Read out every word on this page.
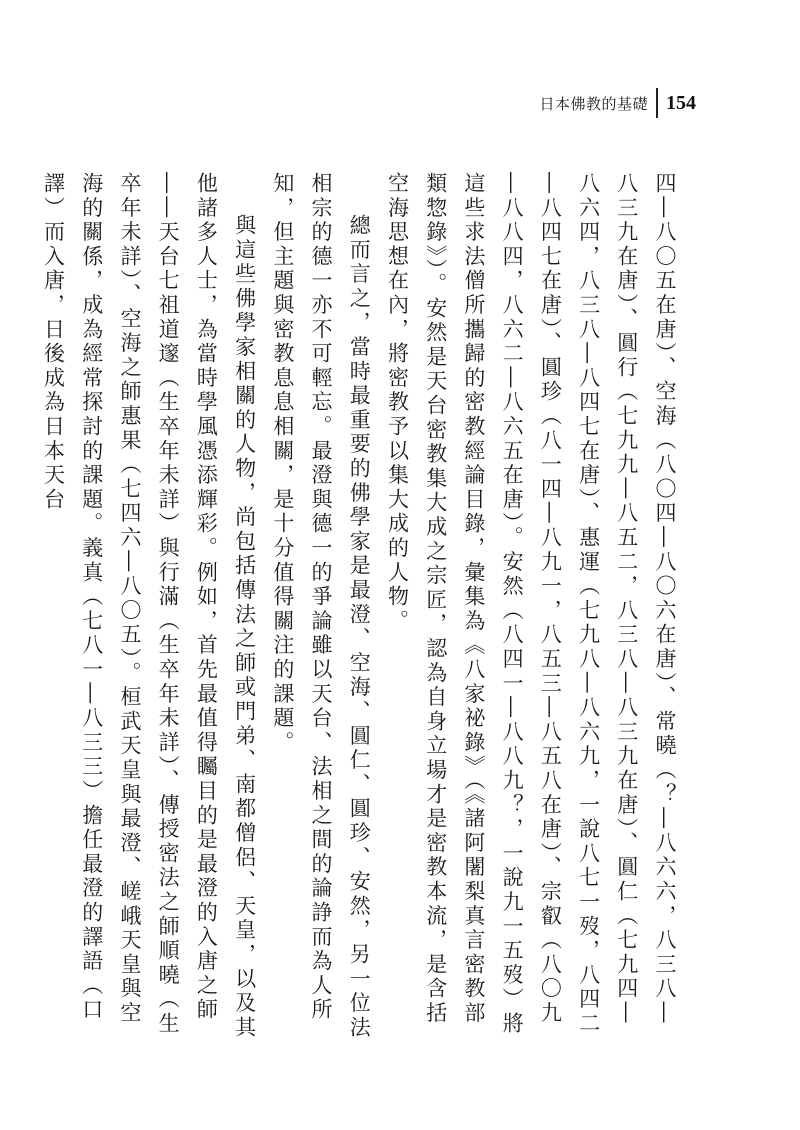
日本佛教的基礎 154

四―八〇五在唐）、空海（八〇四―八〇六在唐）、常曉（？―八六六，八三八―八三九在唐）、圓行（七九九―八五二，八三八―八三九在唐）、圓仁（七九四―八六四，八三八―八四七在唐）、惠運（七九八―八六九，一說八七一歿，八四二―八四七在唐）、圓珍（八一四―八九一，八五三―八五八在唐）、宗叡（八〇九―八八四，八六二―八六五在唐）。安然（八四一―八八九？，一說九一五歿）將這些求法僧所攜歸的密教經論目錄，彙集為《八家祕錄》（《諸阿闍梨真言密教部類惣錄》）。安然是天台密教集大成之宗匠，認為自身立場才是密教本流，是含括空海思想在內，將密教予以集大成的人物。

總而言之，當時最重要的佛學家是最澄、空海、圓仁、圓珍、安然，另一位法相宗的德一亦不可輕忘。最澄與德一的爭論雖以天台、法相之間的論諍而為人所知，但主題與密教息息相關，是十分值得關注的課題。

與這些佛學家相關的人物，尚包括傳法之師或門弟、南都僧侶、天皇，以及其他諸多人士，為當時學風憑添輝彩。例如，首先最值得矚目的是最澄的入唐之師――天台七祖道邃（生卒年未詳）與行滿（生卒年未詳）、傳授密法之師順曉（生卒年未詳）、空海之師惠果（七四六―八〇五）。桓武天皇與最澄、嵯峨天皇與空海的關係，成為經常探討的課題。義真（七八一―八三三）擔任最澄的譯語（口譯）而入唐，日後成為日本天台
